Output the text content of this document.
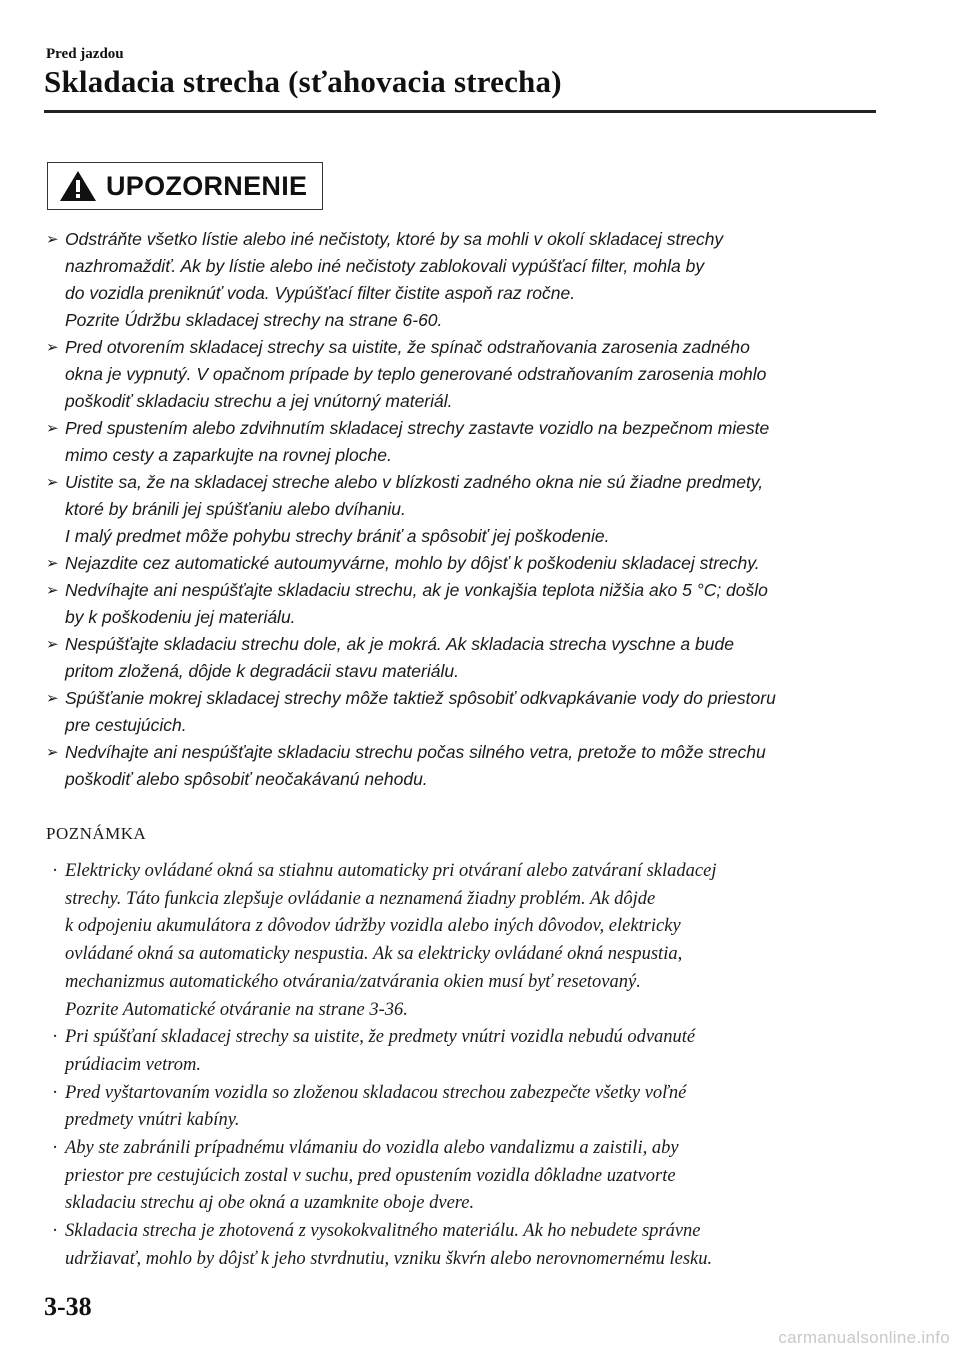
Pred jazdou
Skladacia strecha (sťahovacia strecha)
UPOZORNENIE
➢ Odstráňte všetko lístie alebo iné nečistoty, ktoré by sa mohli v okolí skladacej strechy
nazhromaždiť. Ak by lístie alebo iné nečistoty zablokovali vypúšťací filter, mohla by
do vozidla preniknúť voda. Vypúšťací filter čistite aspoň raz ročne.
Pozrite Údržbu skladacej strechy na strane 6-60.
➢ Pred otvorením skladacej strechy sa uistite, že spínač odstraňovania zarosenia zadného
okna je vypnutý. V opačnom prípade by teplo generované odstraňovaním zarosenia mohlo
poškodiť skladaciu strechu a jej vnútorný materiál.
➢ Pred spustením alebo zdvihnutím skladacej strechy zastavte vozidlo na bezpečnom mieste
mimo cesty a zaparkujte na rovnej ploche.
➢ Uistite sa, že na skladacej streche alebo v blízkosti zadného okna nie sú žiadne predmety,
ktoré by bránili jej spúšťaniu alebo dvíhaniu.
I malý predmet môže pohybu strechy brániť a spôsobiť jej poškodenie.
➢ Nejazdite cez automatické autoumyvárne, mohlo by dôjsť k poškodeniu skladacej strechy.
➢ Nedvíhajte ani nespúšťajte skladaciu strechu, ak je vonkajšia teplota nižšia ako 5 °C; došlo
by k poškodeniu jej materiálu.
➢ Nespúšťajte skladaciu strechu dole, ak je mokrá. Ak skladacia strecha vyschne a bude
pritom zložená, dôjde k degradácii stavu materiálu.
➢ Spúšťanie mokrej skladacej strechy môže taktiež spôsobiť odkvapkávanie vody do priestoru
pre cestujúcich.
➢ Nedvíhajte ani nespúšťajte skladaciu strechu počas silného vetra, pretože to môže strechu
poškodiť alebo spôsobiť neočakávanú nehodu.
POZNÁMKA
· Elektricky ovládané okná sa stiahnu automaticky pri otváraní alebo zatváraní skladacej
strechy. Táto funkcia zlepšuje ovládanie a neznamená žiadny problém. Ak dôjde
k odpojeniu akumulátora z dôvodov údržby vozidla alebo iných dôvodov, elektricky
ovládané okná sa automaticky nespustia. Ak sa elektricky ovládané okná nespustia,
mechanizmus automatického otvárania/zatvárania okien musí byť resetovaný.
Pozrite Automatické otváranie na strane 3-36.
· Pri spúšťaní skladacej strechy sa uistite, že predmety vnútri vozidla nebudú odvanuté
prúdiacim vetrom.
· Pred vyštartovaním vozidla so zloženou skladacou strechou zabezpečte všetky voľné
predmety vnútri kabíny.
· Aby ste zabránili prípadnému vlámaniu do vozidla alebo vandalizmu a zaistili, aby
priestor pre cestujúcich zostal v suchu, pred opustením vozidla dôkladne uzatvorte
skladaciu strechu aj obe okná a uzamknite oboje dvere.
· Skladacia strecha je zhotovená z vysokokvalitného materiálu. Ak ho nebudete správne
udržiavať, mohlo by dôjsť k jeho stvrdnutiu, vzniku škvŕn alebo nerovnomernému lesku.
3-38
carmanualsonline.info
